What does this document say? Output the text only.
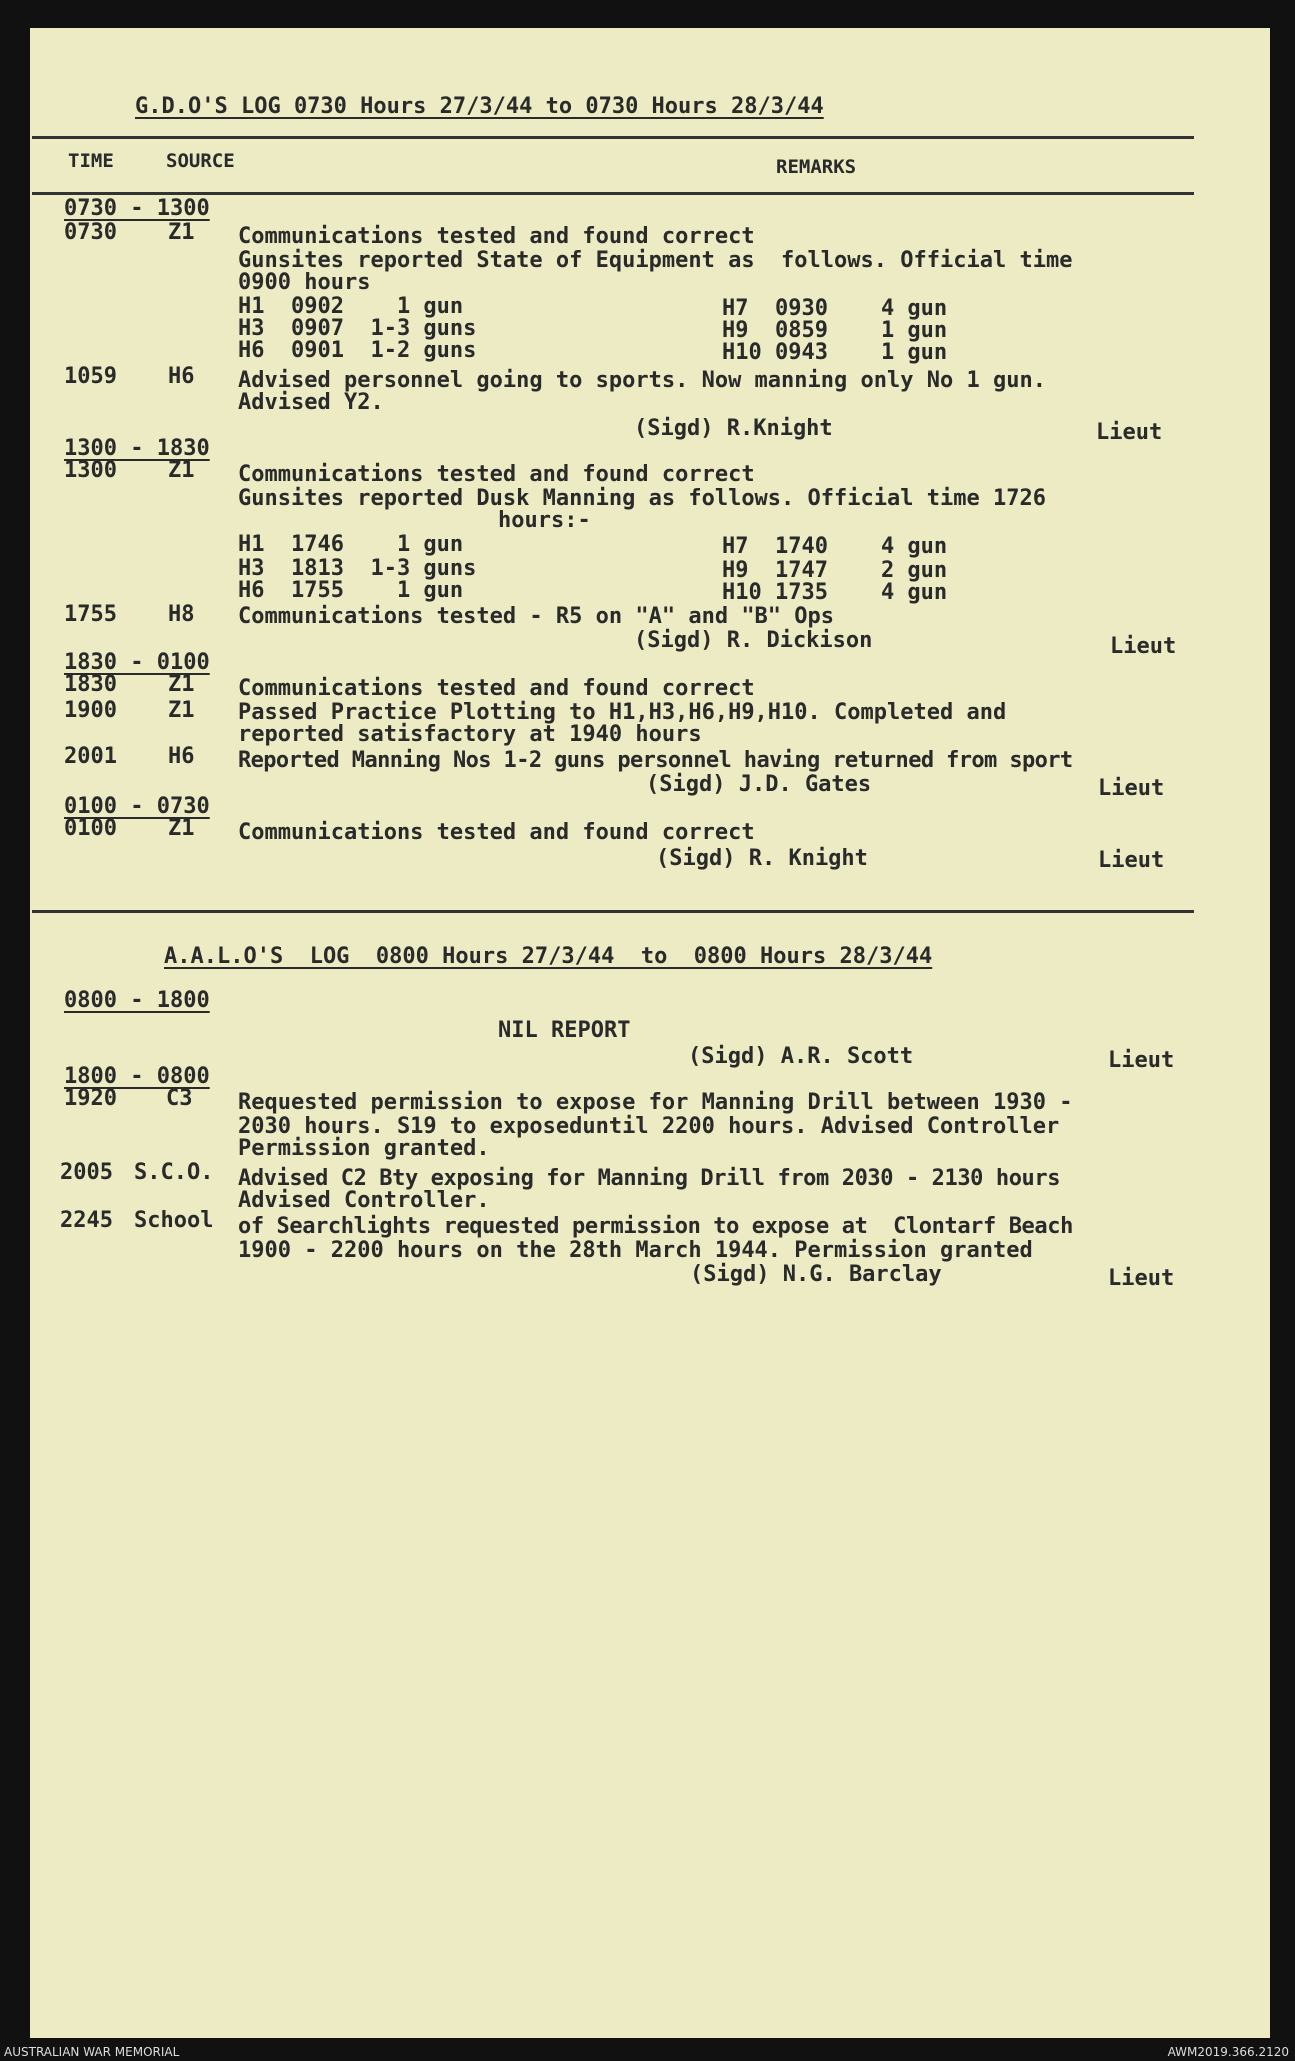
G.D.O'S LOG 0730 Hours 27/3/44 to 0730 Hours 28/3/44
TIME	SOURCE	REMARKS
0730 - 1300
0730 Z1 Communications tested and found correct
Gunsites reported State of Equipment as  follows. Official time
0900 hours
H1  0902    1 gun
H3  0907  1-3 guns
H6  0901  1-2 guns
H7  0930    4 gun
H9  0859    1 gun
H10 0943    1 gun
1059 H6 Advised personnel going to sports. Now manning only No 1 gun.
Advised Y2.
(Sigd) R.Knight	Lieut
1300 - 1830
1300 Z1 Communications tested and found correct
Gunsites reported Dusk Manning as follows. Official time 1726
hours:-
H1  1746    1 gun
H3  1813  1-3 guns
H6  1755    1 gun
H7  1740    4 gun
H9  1747    2 gun
H10 1735    4 gun
1755 H8 Communications tested - R5 on "A" and "B" Ops
(Sigd) R. Dickison	Lieut
1830 - 0100
1830 Z1 Communications tested and found correct
1900 Z1 Passed Practice Plotting to H1,H3,H6,H9,H10. Completed and
reported satisfactory at 1940 hours
2001 H6 Reported Manning Nos 1-2 guns personnel having returned from sport
(Sigd) J.D. Gates	Lieut
0100 - 0730
0100 Z1 Communications tested and found correct
(Sigd) R. Knight	Lieut
A.A.L.O'S  LOG  0800 Hours 27/3/44  to  0800 Hours 28/3/44
0800 - 1800
NIL REPORT
(Sigd) A.R. Scott	Lieut
1800 - 0800
1920 C3 Requested permission to expose for Manning Drill between 1930 -
2030 hours. S19 to exposeduntil 2200 hours. Advised Controller
Permission granted.
2005 S.C.O. Advised C2 Bty exposing for Manning Drill from 2030 - 2130 hours
Advised Controller.
2245 School of Searchlights requested permission to expose at  Clontarf Beach
1900 - 2200 hours on the 28th March 1944. Permission granted
(Sigd) N.G. Barclay	Lieut
AUSTRALIAN WAR MEMORIAL	AWM2019.366.2120
